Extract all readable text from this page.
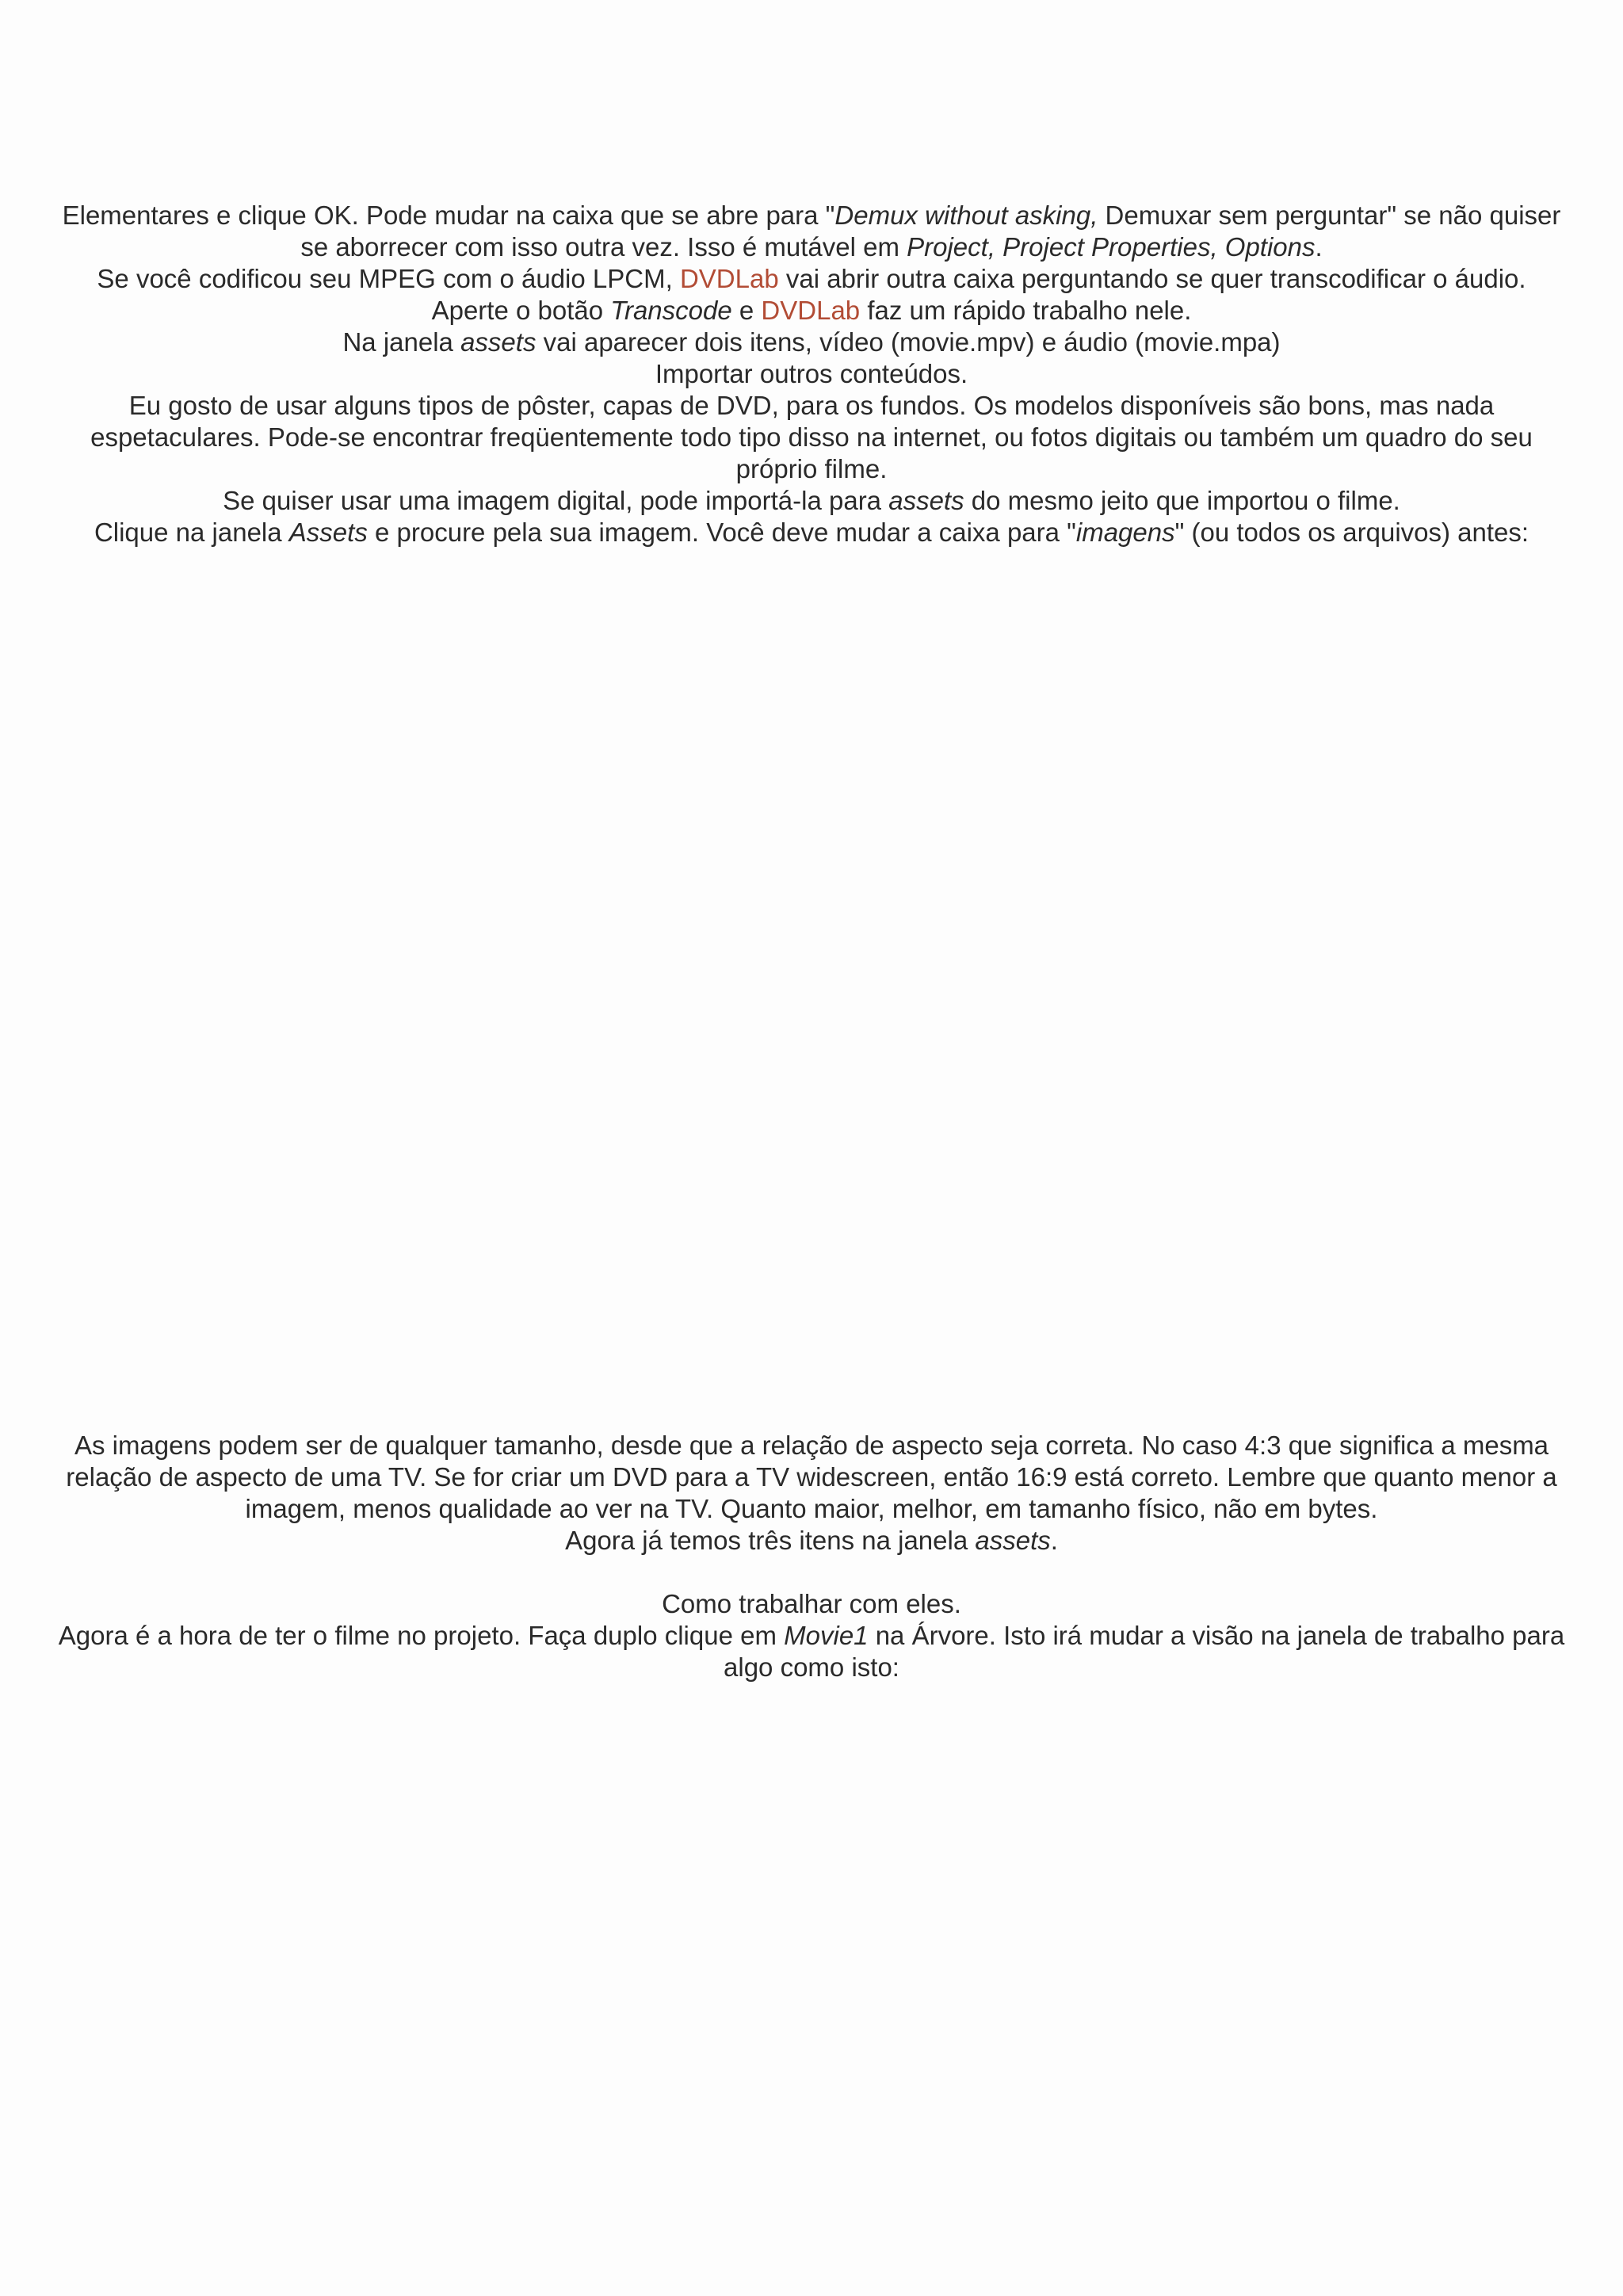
Elementares e clique OK. Pode mudar na caixa que se abre para "Demux without asking, Demuxar sem perguntar" se não quiser se aborrecer com isso outra vez. Isso é mutável em Project, Project Properties, Options.

Se você codificou seu MPEG com o áudio LPCM, DVDLab vai abrir outra caixa perguntando se quer transcodificar o áudio.

Aperte o botão Transcode e DVDLab faz um rápido trabalho nele.

Na janela assets vai aparecer dois itens, vídeo (movie.mpv) e áudio (movie.mpa)

Importar outros conteúdos.

Eu gosto de usar alguns tipos de pôster, capas de DVD, para os fundos. Os modelos disponíveis são bons, mas nada espetaculares. Pode-se encontrar freqüentemente todo tipo disso na internet, ou fotos digitais ou também um quadro do seu próprio filme.

Se quiser usar uma imagem digital, pode importá-la para assets do mesmo jeito que importou o filme.

Clique na janela Assets e procure pela sua imagem. Você deve mudar a caixa para "imagens" (ou todos os arquivos) antes:

As imagens podem ser de qualquer tamanho, desde que a relação de aspecto seja correta. No caso 4:3 que significa a mesma relação de aspecto de uma TV. Se for criar um DVD para a TV widescreen, então 16:9 está correto. Lembre que quanto menor a imagem, menos qualidade ao ver na TV. Quanto maior, melhor, em tamanho físico, não em bytes.

Agora já temos três itens na janela assets.

Como trabalhar com eles.

Agora é a hora de ter o filme no projeto. Faça duplo clique em Movie1 na Árvore. Isto irá mudar a visão na janela de trabalho para algo como isto:
